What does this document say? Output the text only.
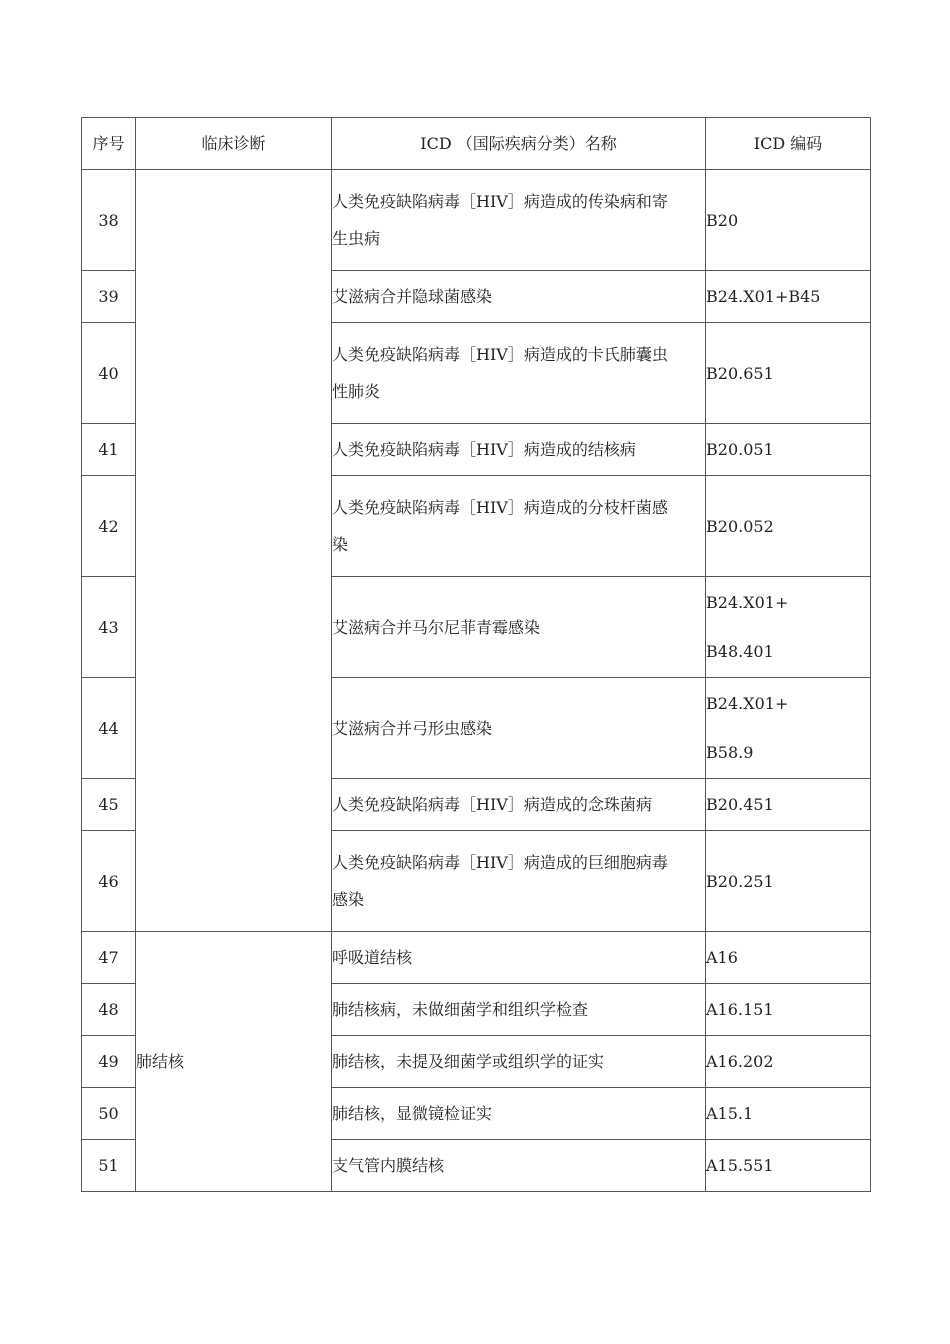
序号	临床诊断	ICD （国际疾病分类）名称	ICD 编码
38		人类免疫缺陷病毒［HIV］病造成的传染病和寄
生虫病	B20

39		艾滋病合并隐球菌感染	B24.X01+B45

40		人类免疫缺陷病毒［HIV］病造成的卡氏肺囊虫
性肺炎	B20.651

41		人类免疫缺陷病毒［HIV］病造成的结核病	B20.051

42		人类免疫缺陷病毒［HIV］病造成的分枝杆菌感
染	B20.052

43		艾滋病合并马尔尼菲青霉感染	B24.X01+
B48.401

44		艾滋病合并弓形虫感染	B24.X01+
B58.9

45		人类免疫缺陷病毒［HIV］病造成的念珠菌病	B20.451

46		人类免疫缺陷病毒［HIV］病造成的巨细胞病毒
感染	B20.251

47	肺结核	呼吸道结核	A16

48		肺结核病，未做细菌学和组织学检查	A16.151

49		肺结核，未提及细菌学或组织学的证实	A16.202

50		肺结核，显微镜检证实	A15.1

51		支气管内膜结核	A15.551
